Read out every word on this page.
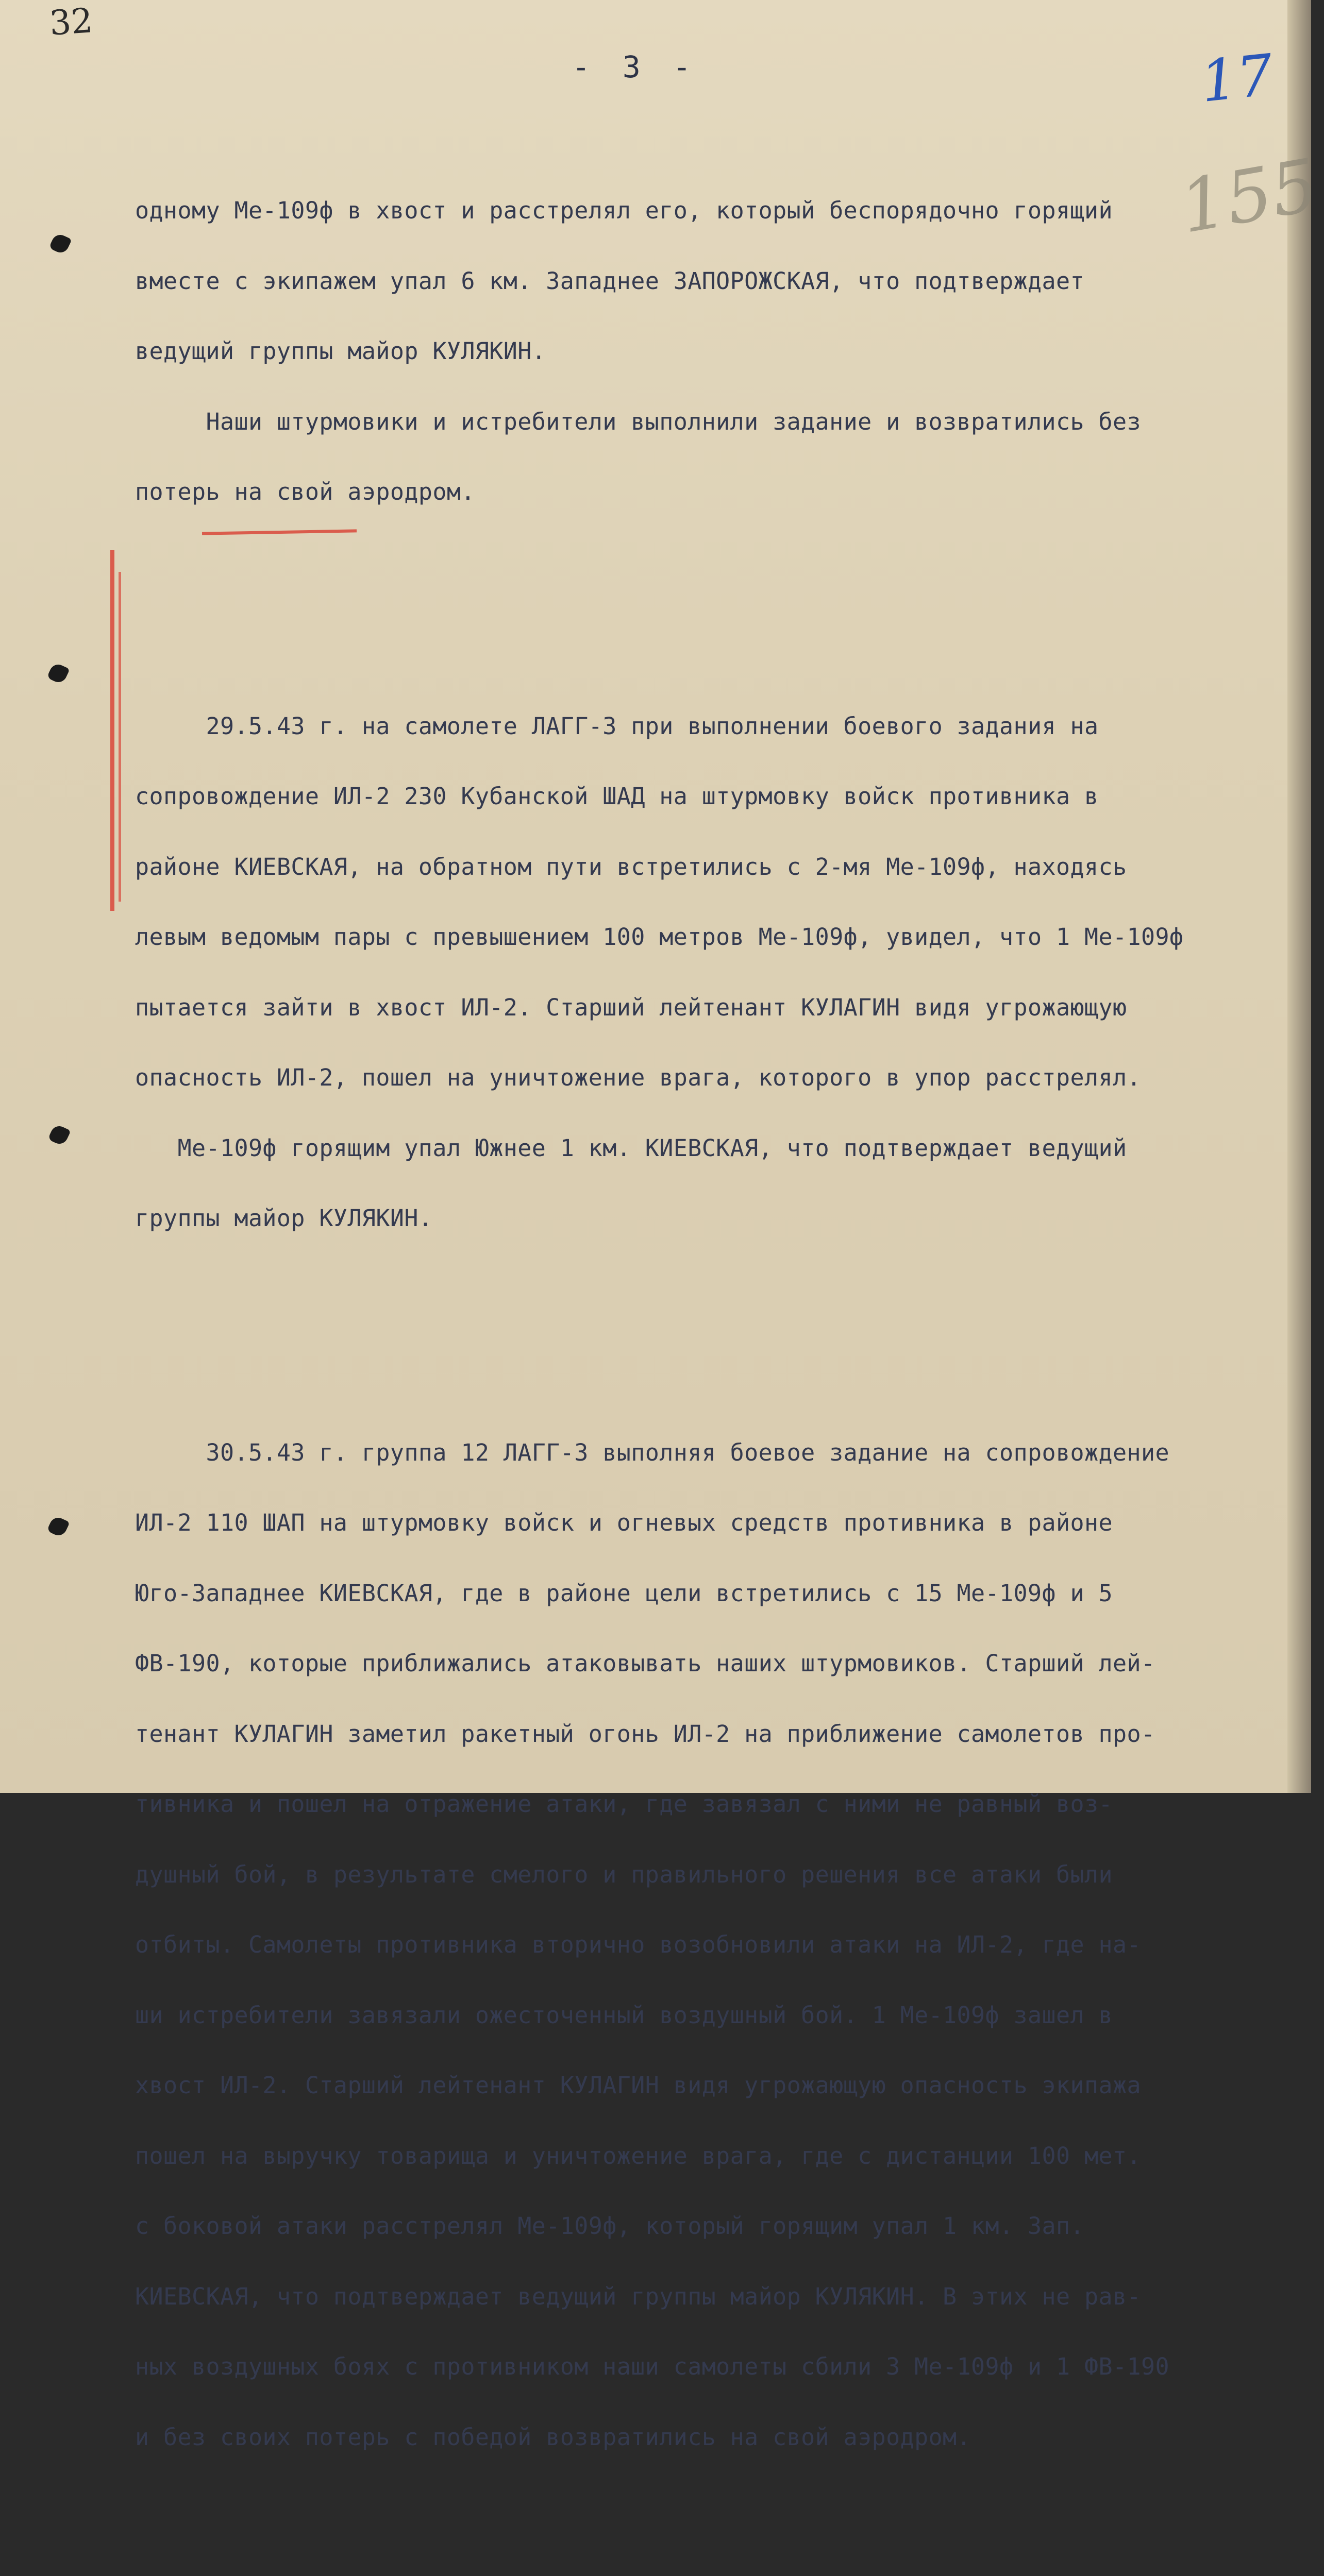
32
- 3 -	17
155

одному Ме-109ф в хвост и расстрелял его, который беспорядочно горящий

вместе с экипажем упал 6 км. Западнее ЗАПОРОЖСКАЯ, что подтверждает

ведущий группы майор КУЛЯКИН.

Наши штурмовики и истребители выполнили задание и возвратились без

потерь на свой аэродром.

29.5.43 г. на самолете ЛАГГ-3 при выполнении боевого задания на

сопровождение ИЛ-2 230 Кубанской ШАД на штурмовку войск противника в

районе КИЕВСКАЯ, на обратном пути встретились с 2-мя Ме-109ф, находясь

левым ведомым пары с превышением 100 метров Ме-109ф, увидел, что 1 Ме-109ф

пытается зайти в хвост ИЛ-2. Старший лейтенант КУЛАГИН видя угрожающую

опасность ИЛ-2, пошел на уничтожение врага, которого в упор расстрелял.

Ме-109ф горящим упал Южнее 1 км. КИЕВСКАЯ, что подтверждает ведущий

группы майор КУЛЯКИН.

30.5.43 г. группа 12 ЛАГГ-3 выполняя боевое задание на сопровождение

ИЛ-2 110 ШАП на штурмовку войск и огневых средств противника в районе

Юго-Западнее КИЕВСКАЯ, где в районе цели встретились с 15 Ме-109ф и 5

ФВ-190, которые приближались атаковывать наших штурмовиков. Старший лей-

тенант КУЛАГИН заметил ракетный огонь ИЛ-2 на приближение самолетов про-

тивника и пошел на отражение атаки, где завязал с ними не равный воз-

душный бой, в результате смелого и правильного решения все атаки были

отбиты. Самолеты противника вторично возобновили атаки на ИЛ-2, где на-

ши истребители завязали ожесточенный воздушный бой. 1 Ме-109ф зашел в

хвост ИЛ-2. Старший лейтенант КУЛАГИН видя угрожающую опасность экипажа

пошел на выручку товарища и уничтожение врага, где с дистанции 100 мет.

с боковой атаки расстрелял Ме-109ф, который горящим упал 1 км. Зап.

КИЕВСКАЯ, что подтверждает ведущий группы майор КУЛЯКИН. В этих не рав-

ных воздушных боях с противником наши самолеты сбили 3 Ме-109ф и 1 ФВ-190

и без своих потерь с победой возвратились на свой аэродром.
